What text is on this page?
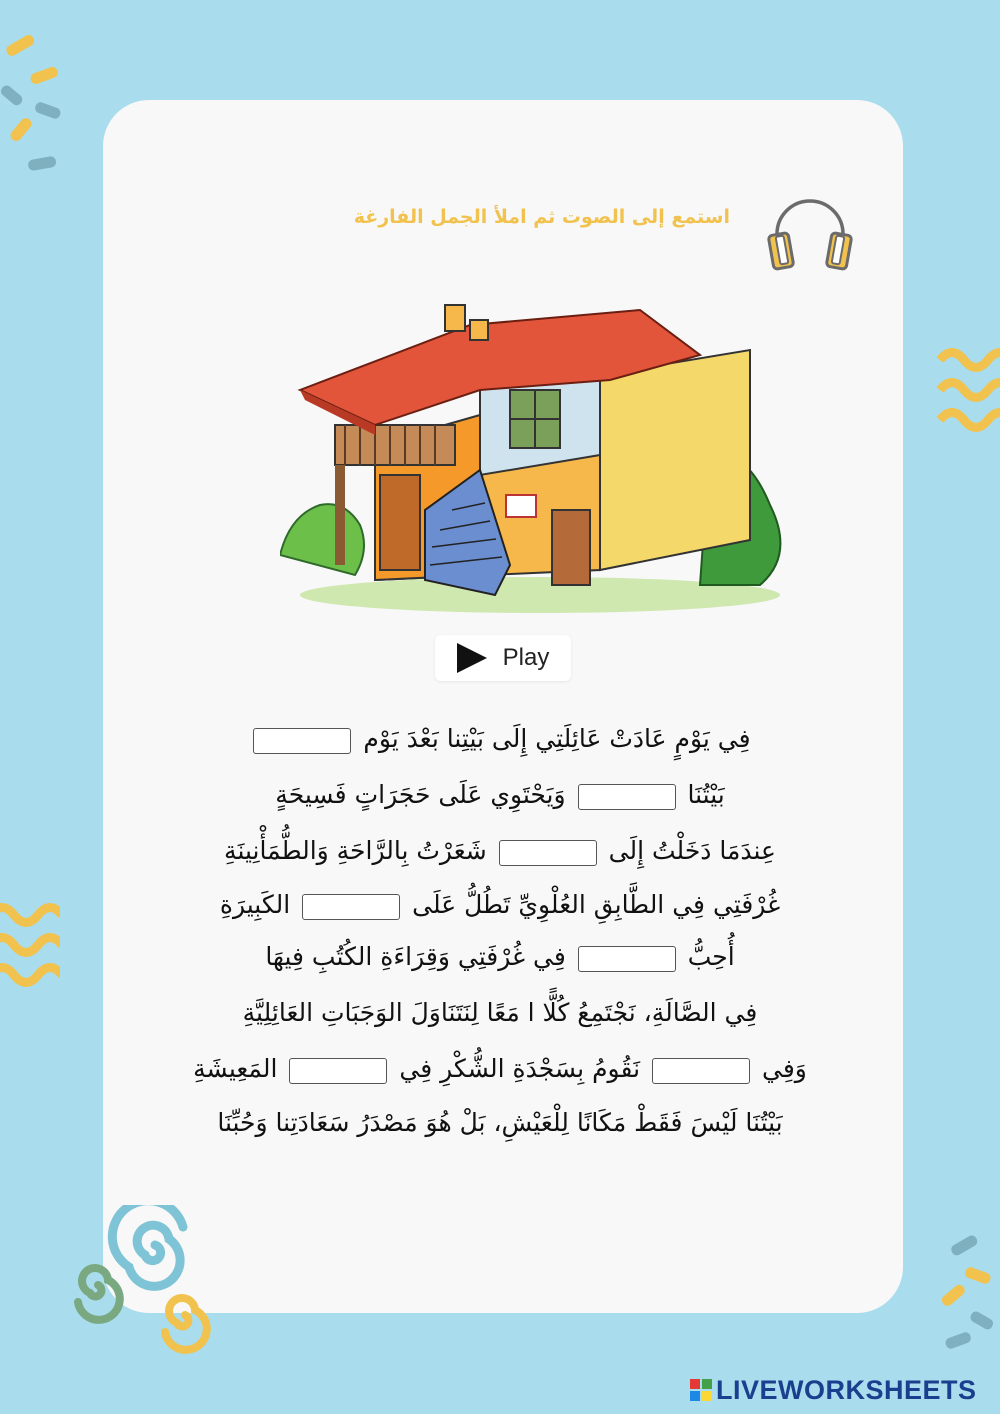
استمع إلى الصوت ثم املأ الجمل الفارغة
Play
فِي يَوْمٍ عَادَتْ عَائِلَتِي إِلَى بَيْتِنا بَعْدَ يَوْم
بَيْتُنَا  وَيَحْتَوِي عَلَى حَجَرَاتٍ فَسِيحَةٍ
عِندَمَا دَخَلْتُ إِلَى  شَعَرْتُ بِالرَّاحَةِ وَالطُّمَأْنِينَةِ
غُرْفَتِي فِي الطَّابِقِ العُلْوِيِّ تَطُلُّ عَلَى  الكَبِيرَةِ
أُحِبُّ  فِي غُرْفَتِي وَقِرَاءَةِ الكُتُبِ فِيهَا
فِي الصَّالَةِ، نَجْتَمِعُ كُلًّا ا مَعًا لِنَتَنَاوَلَ الوَجَبَاتِ العَائِلِيَّةِ
وَفِي  نَقُومُ بِسَجْدَةِ الشُّكْرِ فِي  المَعِيشَةِ
بَيْتُنَا لَيْسَ فَقَطْ مَكَانًا لِلْعَيْشِ، بَلْ هُوَ مَصْدَرُ سَعَادَتِنا وَحُبِّنَا
LIVEWORKSHEETS
